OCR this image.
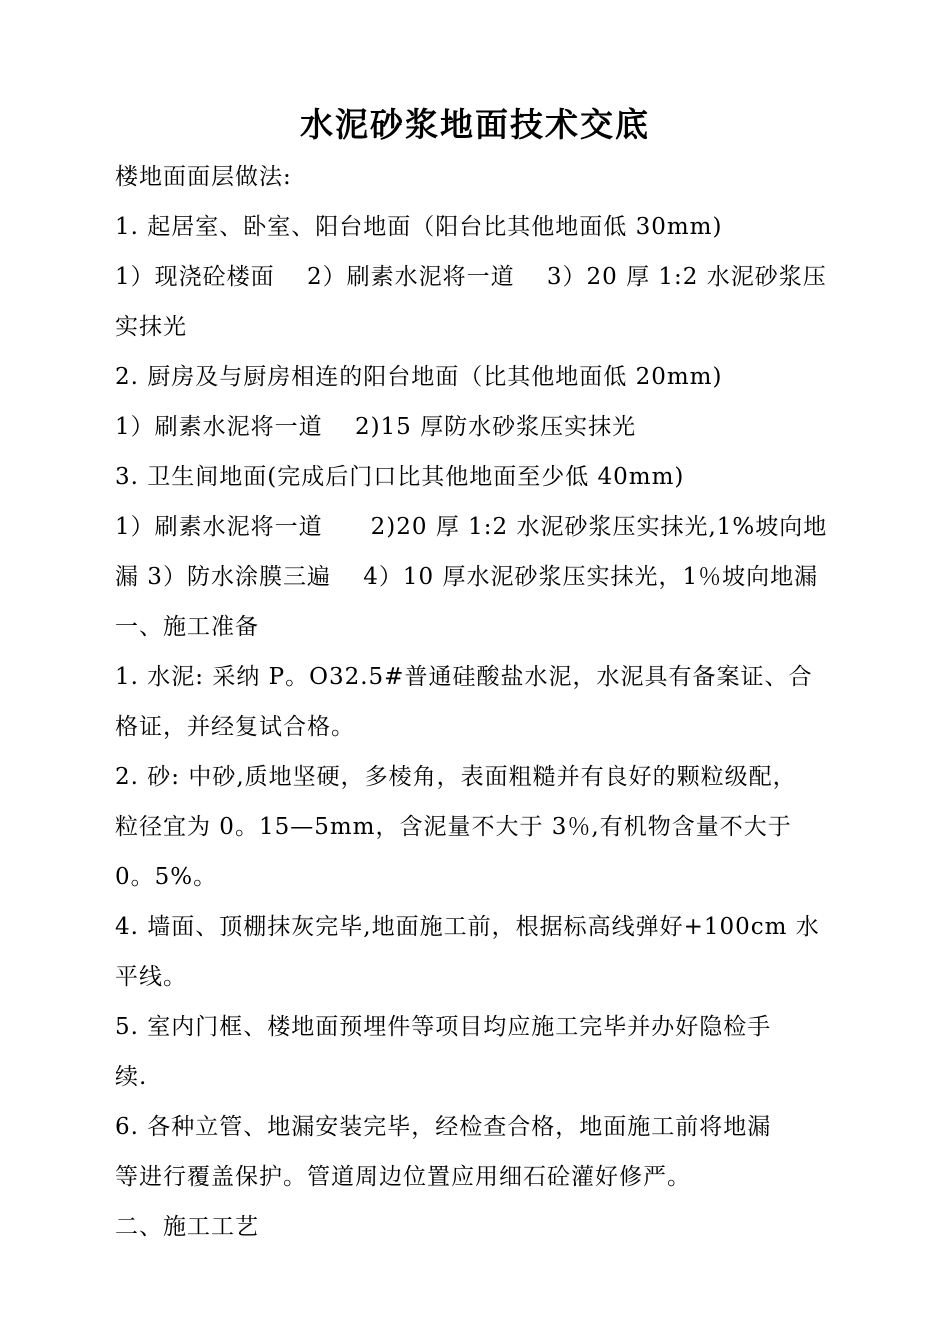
水泥砂浆地面技术交底
楼地面面层做法:
1. 起居室、卧室、阳台地面（阳台比其他地面低 30mm)
1）现浇砼楼面　 2）刷素水泥将一道　 3）20 厚 1:2 水泥砂浆压
实抹光
2. 厨房及与厨房相连的阳台地面（比其他地面低 20mm)
1）刷素水泥将一道　 2)15 厚防水砂浆压实抹光
3. 卫生间地面(完成后门口比其他地面至少低 40mm)
1）刷素水泥将一道　　2)20 厚 1:2 水泥砂浆压实抹光,1%坡向地
漏 3）防水涂膜三遍　 4）10 厚水泥砂浆压实抹光，1％坡向地漏
一、施工准备
1. 水泥: 采纳 P。O32.5#普通硅酸盐水泥，水泥具有备案证、合
格证，并经复试合格。
2. 砂: 中砂,质地坚硬，多棱角，表面粗糙并有良好的颗粒级配，
粒径宜为 0。15—5mm，含泥量不大于 3％,有机物含量不大于
0。5%。
4. 墙面、顶棚抹灰完毕,地面施工前，根据标高线弹好+100cm 水
平线。
5. 室内门框、楼地面预埋件等项目均应施工完毕并办好隐检手
续.
6. 各种立管、地漏安装完毕，经检查合格，地面施工前将地漏
等进行覆盖保护。管道周边位置应用细石砼灌好修严。
二、施工工艺
